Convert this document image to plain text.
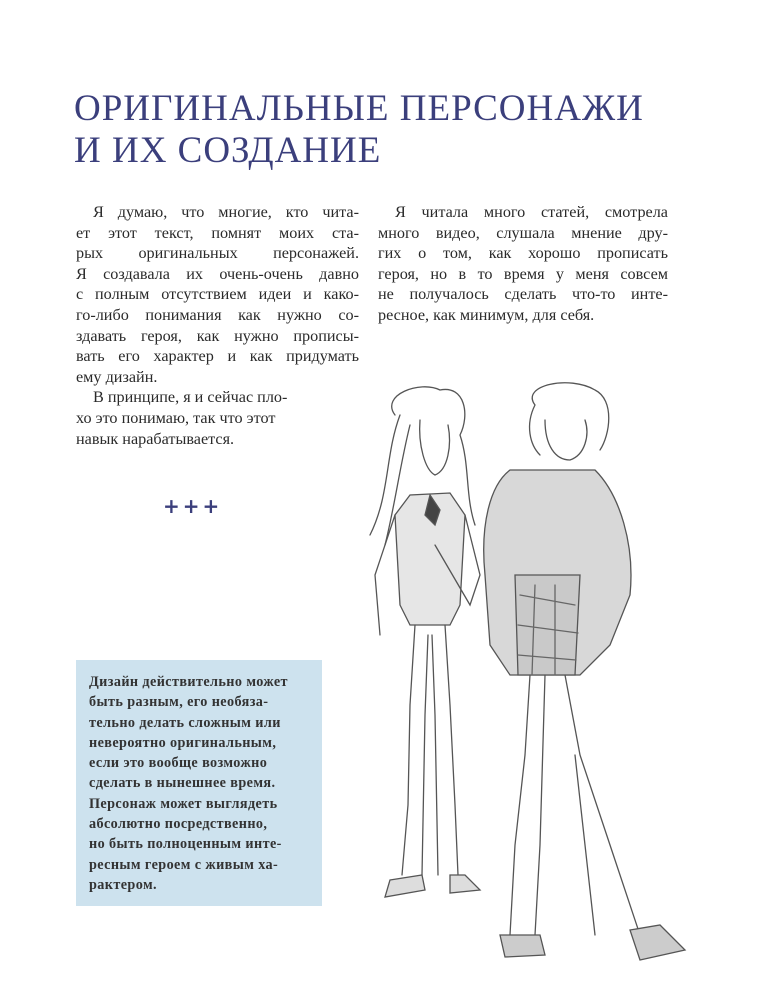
ОРИГИНАЛЬНЫЕ ПЕРСОНАЖИ
И ИХ СОЗДАНИЕ
Я думаю, что многие, кто чита-
ет этот текст, помнят моих ста-
рых оригинальных персонажей.
Я создавала их очень-очень давно
с полным отсутствием идеи и како-
го-либо понимания как нужно со-
здавать героя, как нужно прописы-
вать его характер и как придумать
ему дизайн.
В принципе, я и сейчас пло-
хо это понимаю, так что этот
навык нарабатывается.
Я читала много статей, смотрела
много видео, слушала мнение дру-
гих о том, как хорошо прописать
героя, но в то время у меня совсем
не получалось сделать что-то инте-
ресное, как минимум, для себя.
+++
Дизайн действительно может
быть разным, его необяза-
тельно делать сложным или
невероятно оригинальным,
если это вообще возможно
сделать в нынешнее время.
Персонаж может выглядеть
абсолютно посредственно,
но быть полноценным инте-
ресным героем с живым ха-
рактером.
